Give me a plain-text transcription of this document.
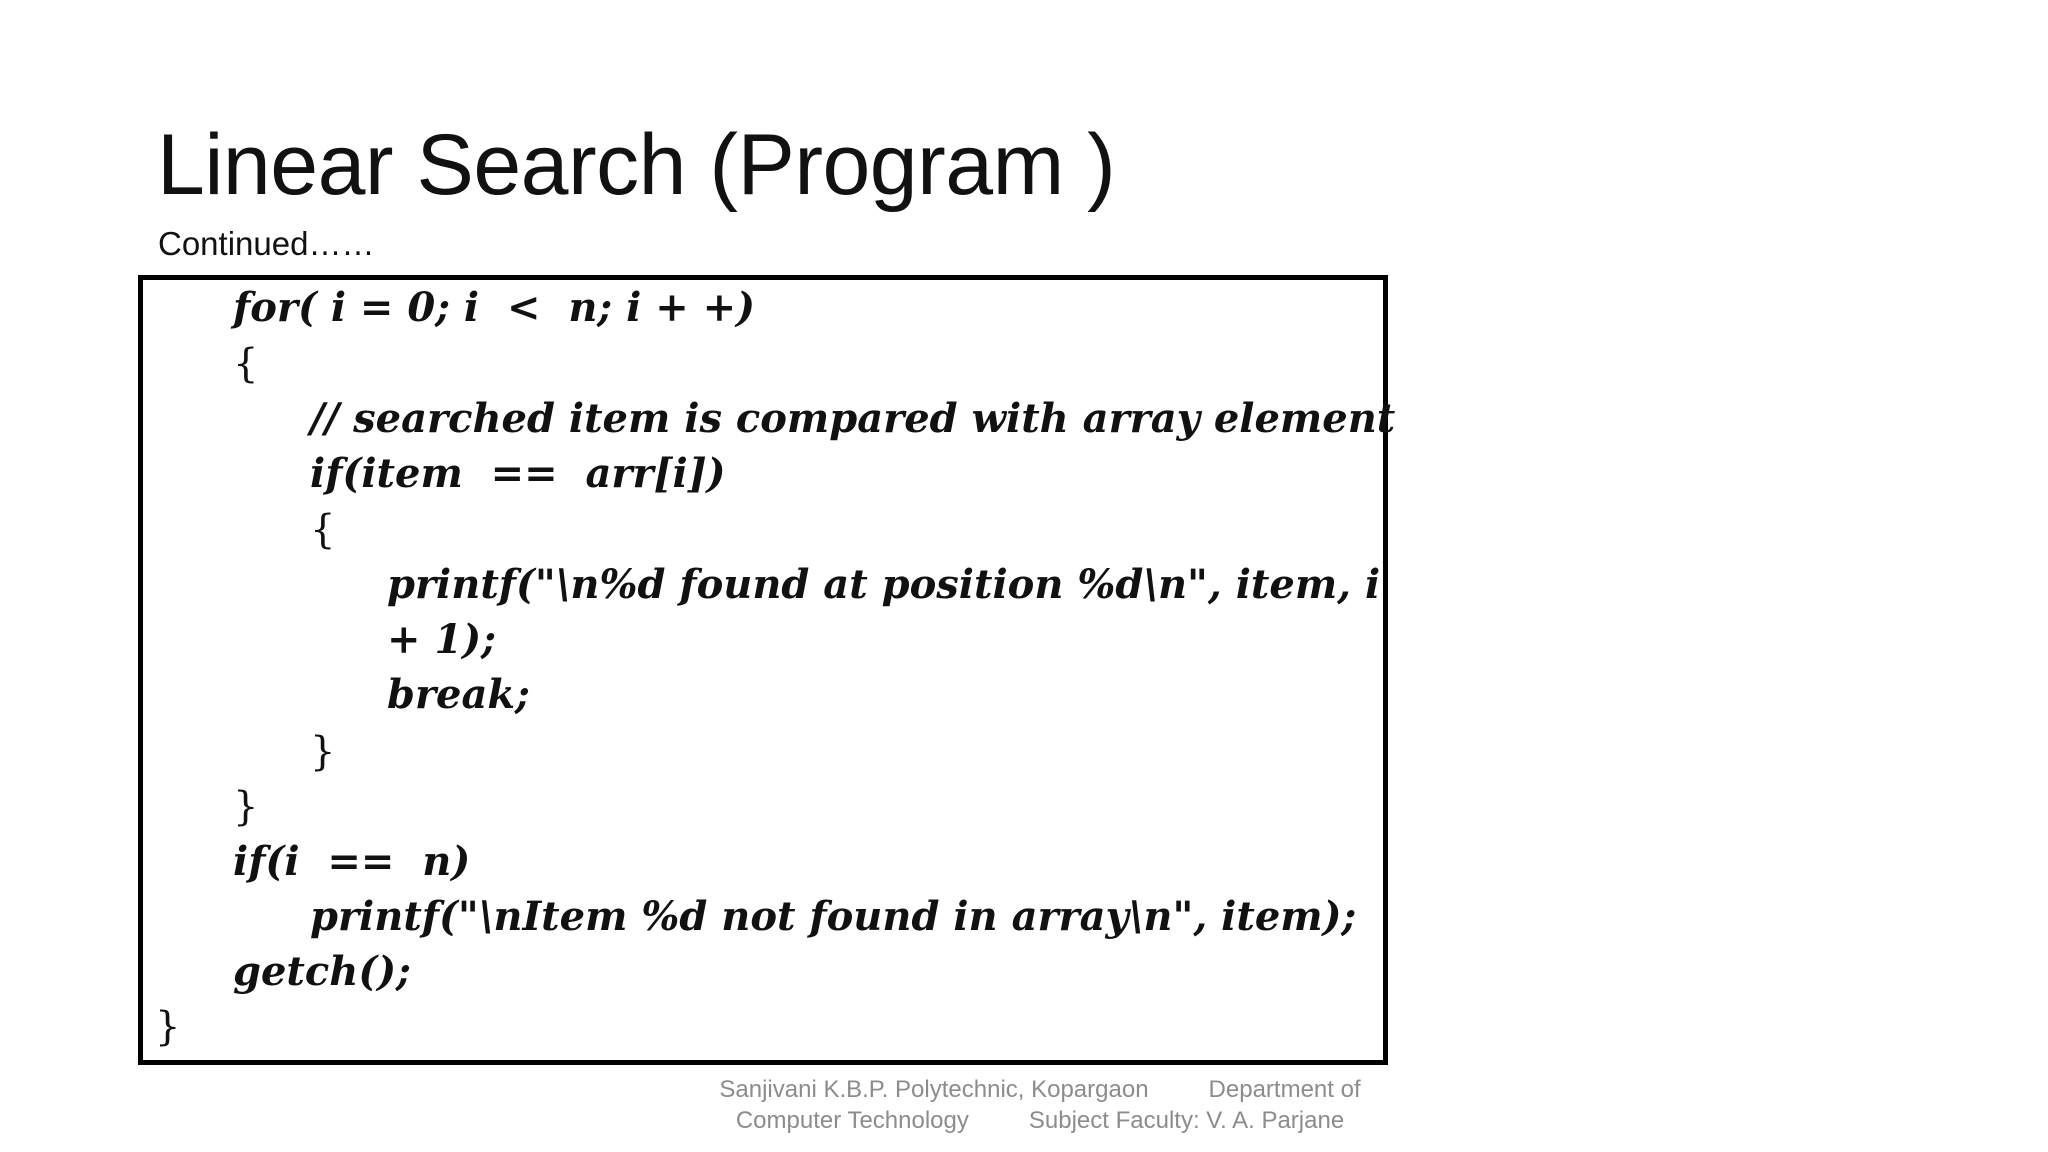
Linear Search (Program )
Continued……
for( i = 0; i  <  n; i + +)
{
// searched item is compared with array element
if(item  ==  arr[i])
{
printf("\n%d found at position %d\n", item, i
+ 1);
break;
}
}
if(i  ==  n)
printf("\nItem %d not found in array\n", item);
getch();
}
Sanjivani K.B.P. Polytechnic, Kopargaon         Department of
Computer Technology         Subject Faculty: V. A. Parjane
